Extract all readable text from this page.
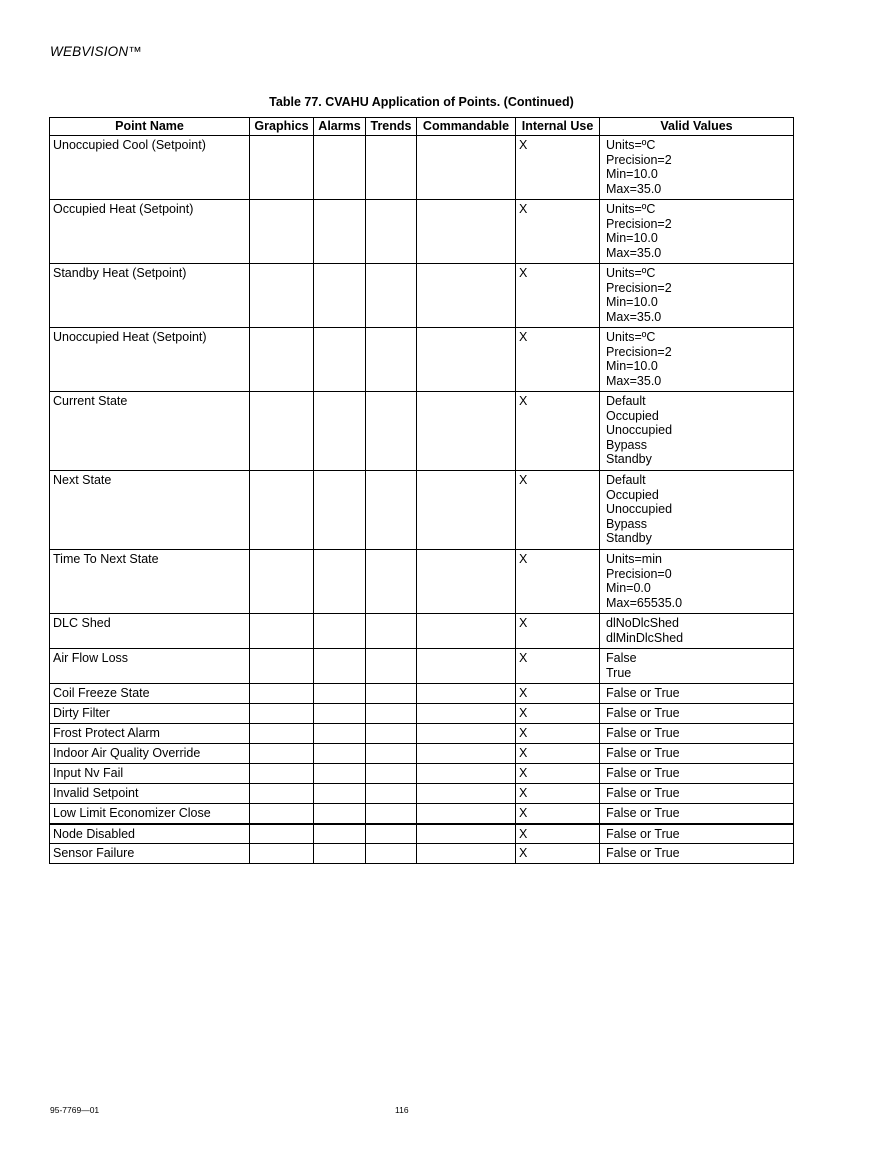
WEBVISION™
Table 77. CVAHU Application of Points. (Continued)
Point Name	Graphics	Alarms	Trends	Commandable	Internal Use	Valid Values
Unoccupied Cool (Setpoint)					X	Units=ºC
Precision=2
Min=10.0
Max=35.0

Occupied Heat (Setpoint)					X	Units=ºC
Precision=2
Min=10.0
Max=35.0

Standby Heat (Setpoint)					X	Units=ºC
Precision=2
Min=10.0
Max=35.0

Unoccupied Heat (Setpoint)					X	Units=ºC
Precision=2
Min=10.0
Max=35.0

Current State					X	Default
Occupied
Unoccupied
Bypass
Standby

Next State					X	Default
Occupied
Unoccupied
Bypass
Standby

Time To Next State					X	Units=min
Precision=0
Min=0.0
Max=65535.0

DLC Shed					X	dlNoDlcShed
dlMinDlcShed

Air Flow Loss					X	False
True

Coil Freeze State					X	False or True

Dirty Filter					X	False or True

Frost Protect Alarm					X	False or True

Indoor Air Quality Override					X	False or True

Input Nv Fail					X	False or True

Invalid Setpoint					X	False or True

Low Limit Economizer Close					X	False or True

Node Disabled					X	False or True

Sensor Failure					X	False or True
95-7769—01	116
